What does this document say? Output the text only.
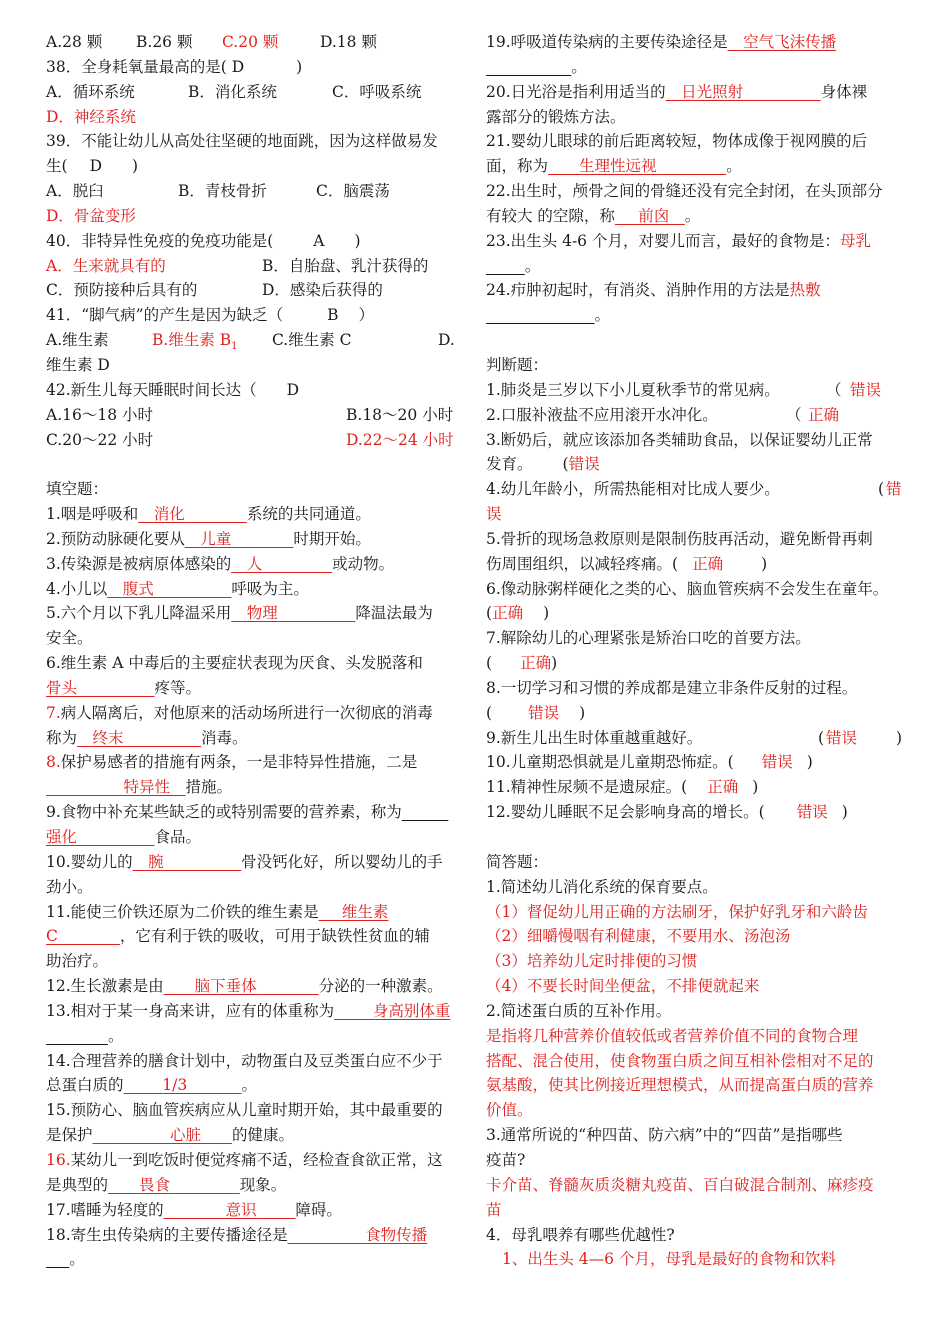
A.28 颗 B.26 颗 C.20 颗	D.18 颗
38．全身耗氧量最高的是( D	)
A．循环系统	B．消化系统	C．呼吸系统
D．神经系统
39．不能让幼儿从高处往坚硬的地面跳，因为这样做易发
生( D )
A．脱臼	B．青枝骨折	C．脑震荡
D．骨盆变形
40．非特异性免疫的免疫功能是(	A )
A．生来就具有的	B．自胎盘、乳汁获得的
C．预防接种后具有的	D．感染后获得的
41．“脚气病”的产生是因为缺乏（	B ）
A.维生素	B.维生素 $B_1$ C.维生素 C	D.
维生素 D
42.新生儿每天睡眠时间长达（ D
A.16～18 小时	B.18～20 小时
C.20～22 小时	D.22～24 小时
填空题：
1.咽是呼吸和__消化________系统的共同通道。
2.预防动脉硬化要从__儿童________时期开始。
3.传染源是被病原体感染的__人_________或动物。
4.小儿以__腹式__________呼吸为主。
5.六个月以下乳儿降温采用__物理__________降温法最为
安全。
6.维生素 A 中毒后的主要症状表现为厌食、头发脱落和
骨头__________疼等。
7.病人隔离后，对他原来的活动场所进行一次彻底的消毒
称为__终末__________消毒。
8.保护易感者的措施有两条，一是非特异性措施，二是
__________特异性__措施。
9.食物中补充某些缺乏的或特别需要的营养素，称为______
强化__________食品。
10.婴幼儿的__腕__________骨没钙化好，所以婴幼儿的手
劲小。
11.能使三价铁还原为二价铁的维生素是___维生素
C________，它有利于铁的吸收，可用于缺铁性贫血的辅
助治疗。
12.生长激素是由____脑下垂体________分泌的一种激素。
13.相对于某一身高来讲，应有的体重称为_____身高别体重
________。
14.合理营养的膳食计划中，动物蛋白及豆类蛋白应不少于
总蛋白质的_____1/3_______。
15.预防心、脑血管疾病应从儿童时期开始，其中最重要的
是保护__________心脏____的健康。
16.某幼儿一到吃饭时便觉疼痛不适，经检查食欲正常，这
是典型的____畏食_________现象。
17.嗜睡为轻度的________意识_____障碍。
18.寄生虫传染病的主要传播途径是__________食物传播
___。
19.呼吸道传染病的主要传染途径是__空气飞沫传播
___________。
20.日光浴是指利用适当的__日光照射__________身体裸
露部分的锻炼方法。
21.婴幼儿眼球的前后距离较短，物体成像于视网膜的后
面，称为____生理性远视_________。
22.出生时，颅骨之间的骨缝还没有完全封闭，在头顶部分
有较大 的空隙，称___前囟__。
23.出生头 4-6 个月，对婴儿而言，最好的食物是：母乳
_____。
24.疖肿初起时，有消炎、消肿作用的方法是热敷
______________。
判断题：
1.肺炎是三岁以下小儿夏秋季节的常见病。	（ 错误
2.口服补液盐不应用滚开水冲化。	（ 正确
3.断奶后，就应该添加各类辅助食品，以保证婴幼儿正常
发育。 (错误
4.幼儿年龄小，所需热能相对比成人要少。	( 错
误
5.骨折的现场急救原则是限制伤肢再活动，避免断骨再刺
伤周围组织，以减轻疼痛。( 正确 )
6.像动脉粥样硬化之类的心、脑血管疾病不会发生在童年。
(正确 )
7.解除幼儿的心理紧张是矫治口吃的首要方法。
( 正确)
8.一切学习和习惯的养成都是建立非条件反射的过程。
( 错误 )
9.新生儿出生时体重越重越好。	( 错误	)
10.儿童期恐惧就是儿童期恐怖症。( 错误 )
11.精神性尿频不是遗尿症。( 正确 )
12.婴幼儿睡眠不足会影响身高的增长。( 错误 )
简答题：
1.简述幼儿消化系统的保育要点。
（1）督促幼儿用正确的方法刷牙，保护好乳牙和六龄齿
（2）细嚼慢咽有利健康，不要用水、汤泡汤
（3）培养幼儿定时排便的习惯
（4）不要长时间坐便盆，不排便就起来
2.简述蛋白质的互补作用。
是指将几种营养价值较低或者营养价值不同的食物合理
搭配、混合使用，使食物蛋白质之间互相补偿相对不足的
氨基酸，使其比例接近理想模式，从而提高蛋白质的营养
价值。
3.通常所说的“种四苗、防六病”中的“四苗”是指哪些
疫苗?
卡介苗、脊髓灰质炎糖丸疫苗、百白破混合制剂、麻疹疫
苗
4．母乳喂养有哪些优越性?
1、出生头 4—6 个月，母乳是最好的食物和饮料
